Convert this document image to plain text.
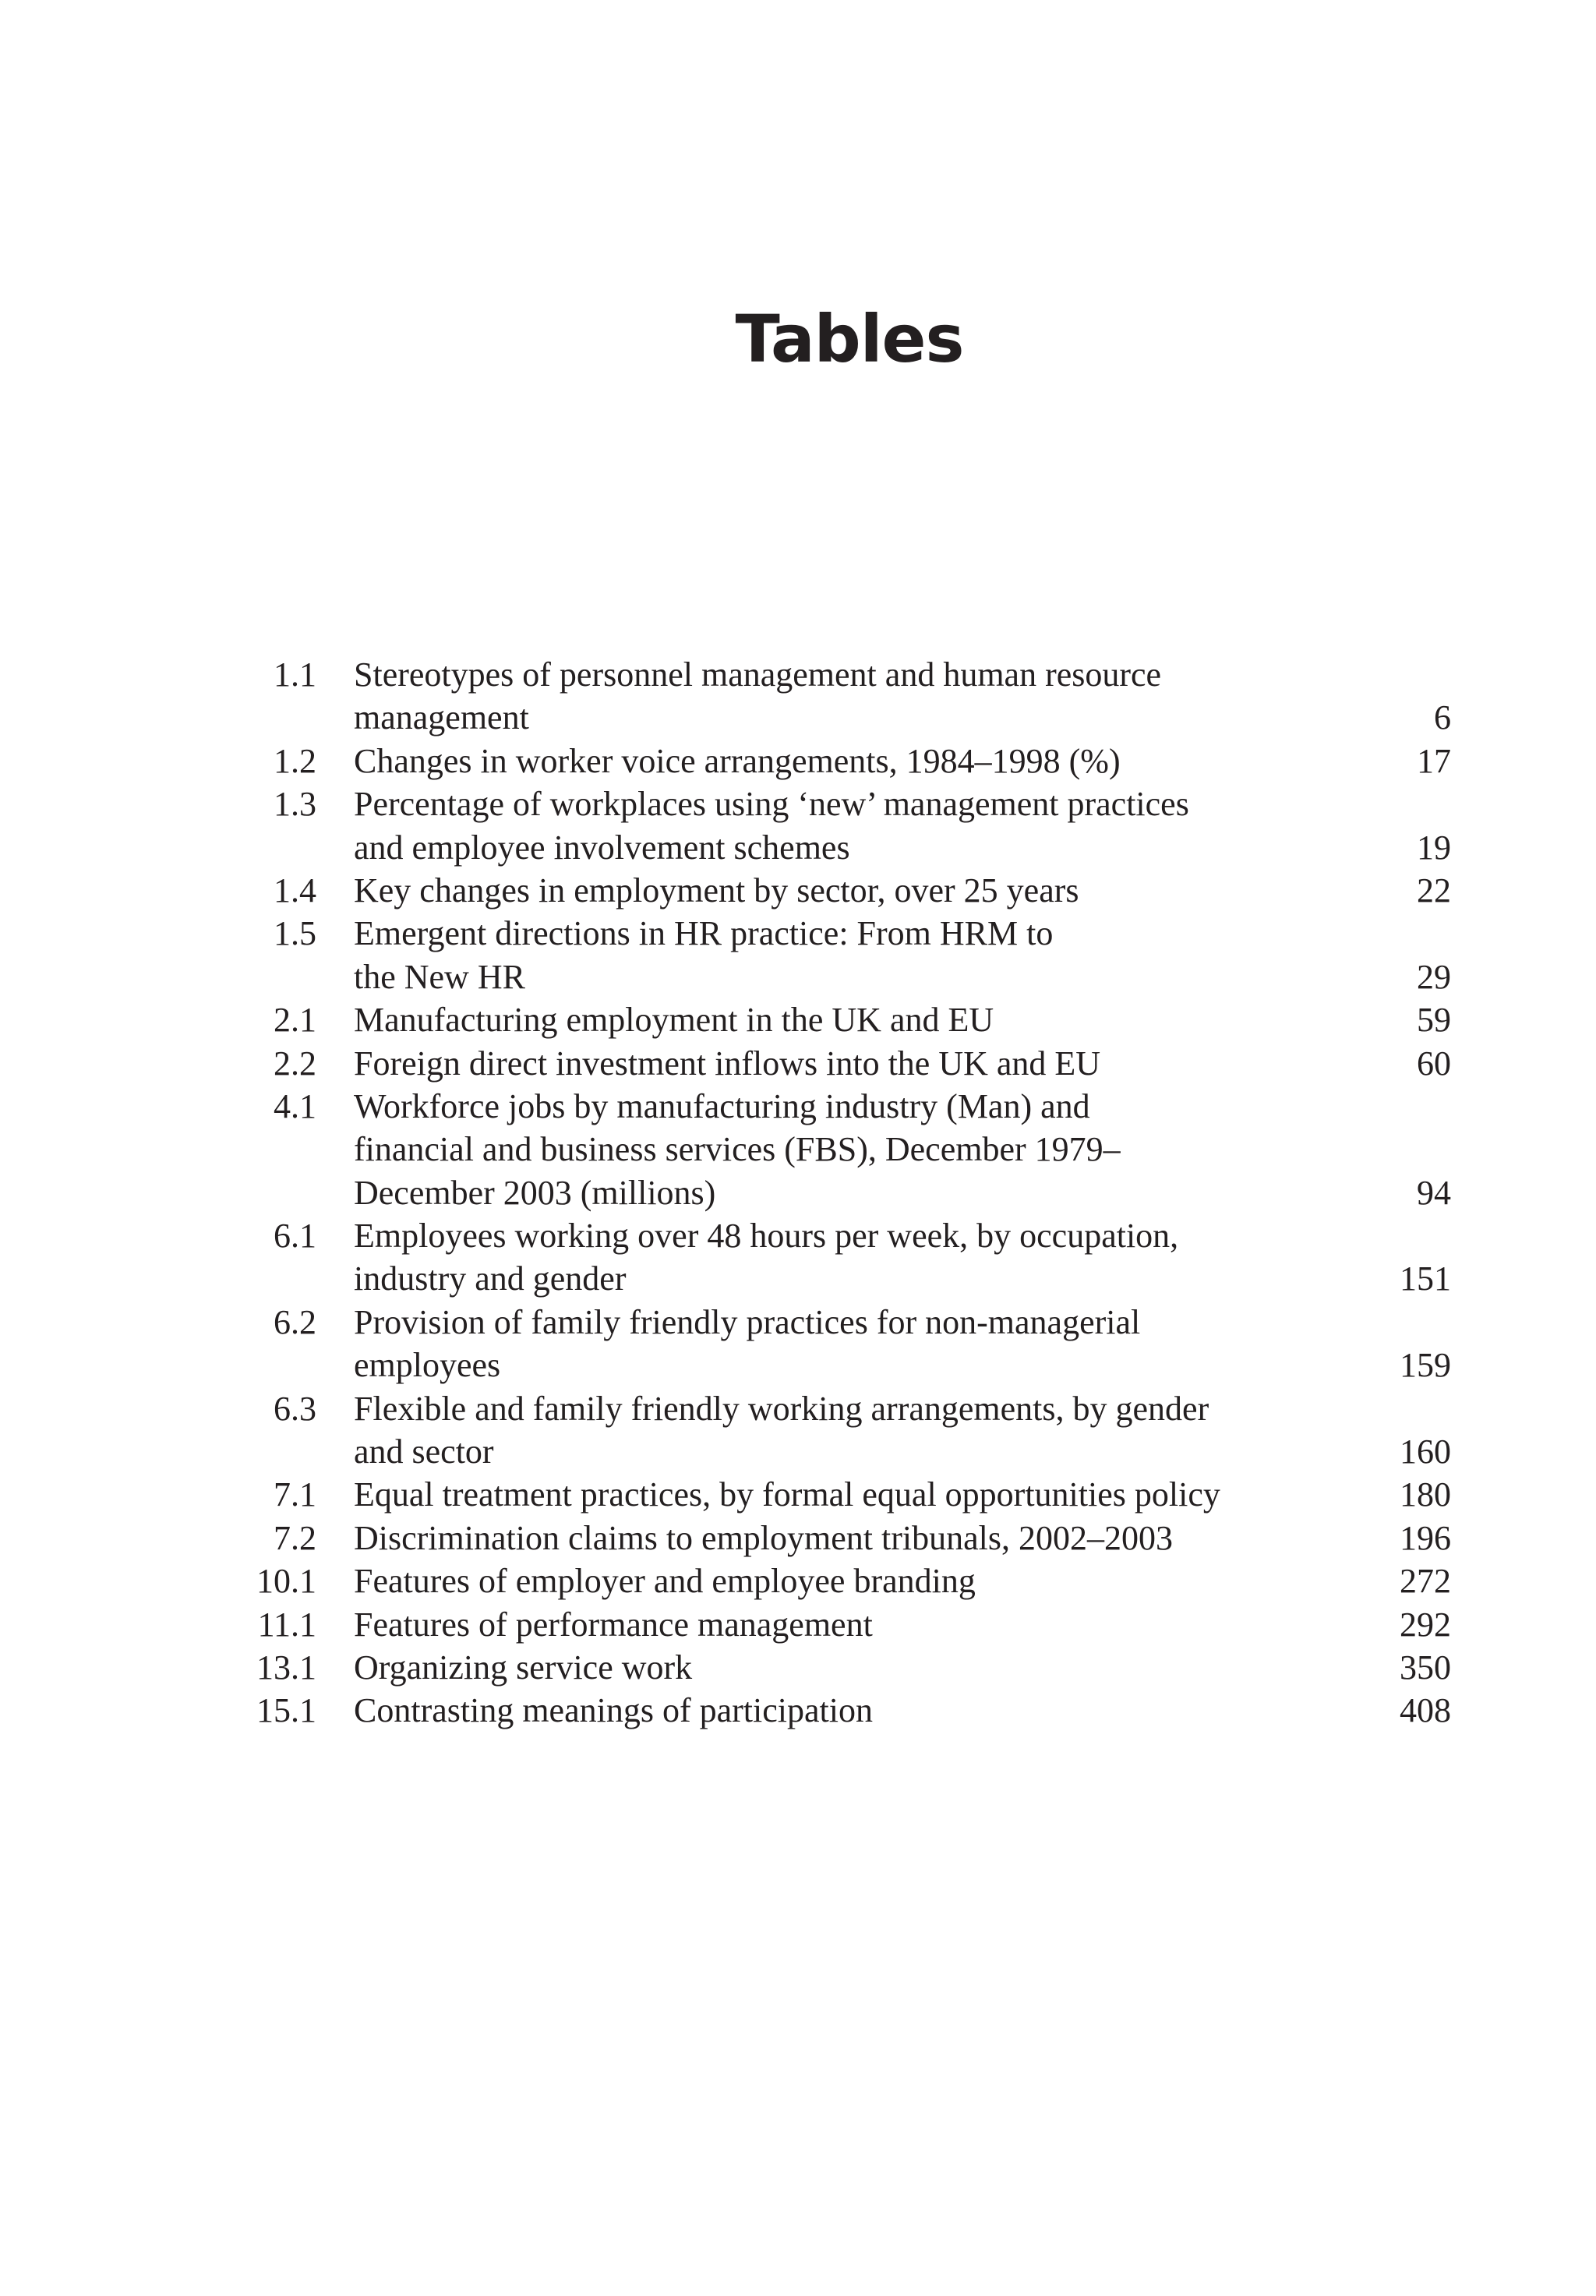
Tables
1.1 Stereotypes of personnel management and human resource
management	6
1.2 Changes in worker voice arrangements, 1984–1998 (%)	17
1.3 Percentage of workplaces using ‘new’ management practices
and employee involvement schemes	19
1.4 Key changes in employment by sector, over 25 years	22
1.5 Emergent directions in HR practice: From HRM to
the New HR	29
2.1 Manufacturing employment in the UK and EU	59
2.2 Foreign direct investment inflows into the UK and EU	60
4.1 Workforce jobs by manufacturing industry (Man) and
financial and business services (FBS), December 1979–
December 2003 (millions)	94
6.1 Employees working over 48 hours per week, by occupation,
industry and gender	151
6.2 Provision of family friendly practices for non-managerial
employees	159
6.3 Flexible and family friendly working arrangements, by gender
and sector	160
7.1 Equal treatment practices, by formal equal opportunities policy	180
7.2 Discrimination claims to employment tribunals, 2002–2003	196
10.1 Features of employer and employee branding	272
11.1 Features of performance management	292
13.1 Organizing service work	350
15.1 Contrasting meanings of participation	408
